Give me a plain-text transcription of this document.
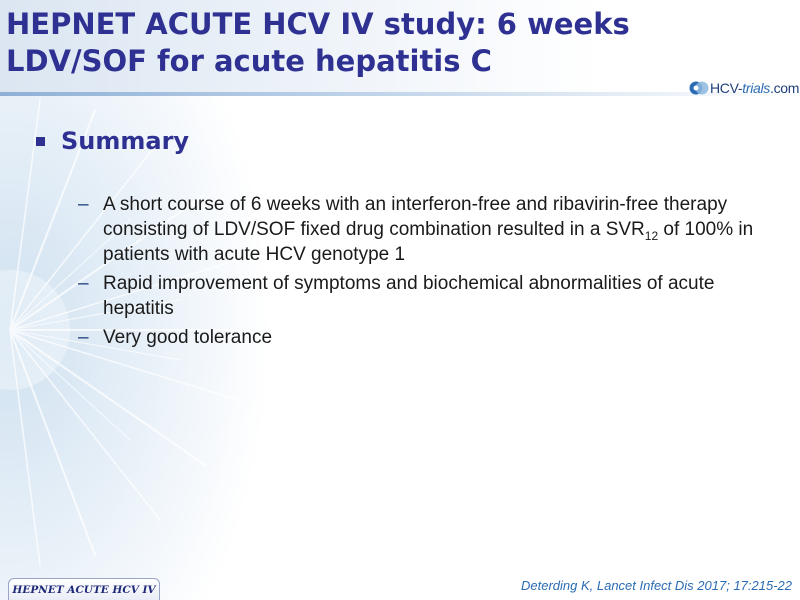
HEPNET ACUTE HCV IV study: 6 weeks LDV/SOF for acute hepatitis C
HCV-trials.com
Summary
– A short course of 6 weeks with an interferon-free and ribavirin-free therapy consisting of LDV/SOF fixed drug combination resulted in a $SVR_{12}$ of 100% in patients with acute HCV genotype 1
– Rapid improvement of symptoms and biochemical abnormalities of acute hepatitis
– Very good tolerance
HEPNET ACUTE HCV IV	Deterding K, Lancet Infect Dis 2017; 17:215-22
